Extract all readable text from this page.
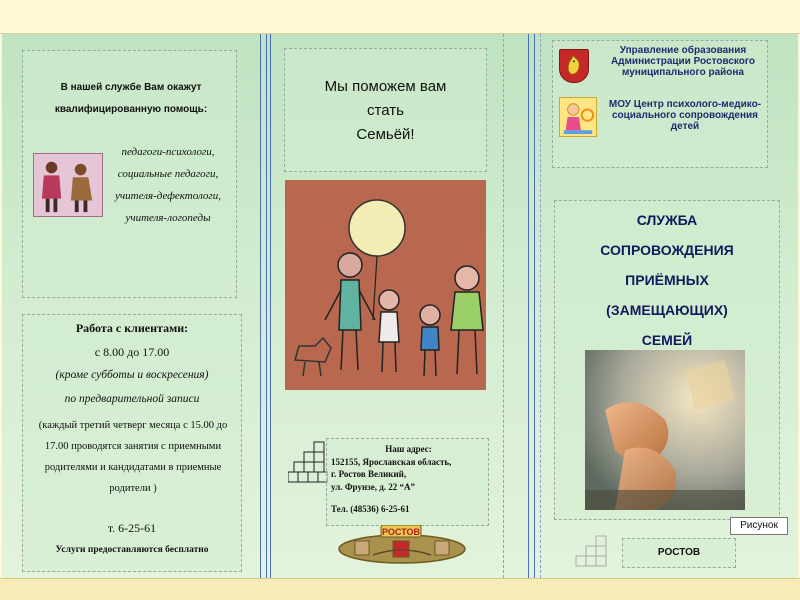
В нашей службе Вам окажут квалифицированную помощь:
педагоги-психологи,
социальные педагоги,
учителя-дефектологи,
учителя-логопеды
Работа с клиентами:
с 8.00 до 17.00
(кроме субботы и воскресения)
по предварительной записи
(каждый третий четверг месяца с 15.00 до 17.00 проводятся занятия с приемными родителями и кандидатами в приемные родители )
т. 6-25-61
Услуги предоставляются бесплатно
Мы поможем вам
стать
Семьёй!
Наш адрес:
152155, Ярославская область,
г. Ростов Великий,
ул. Фрунзе, д. 22 “А”
Тел. (48536) 6-25-61
РОСТОВ
Управление образования Администрации Ростовского муниципального района
МОУ Центр психолого-медико-социального сопровождения детей
СЛУЖБА
СОПРОВОЖДЕНИЯ
ПРИЁМНЫХ
(ЗАМЕЩАЮЩИХ)
СЕМЕЙ
Рисунок
РОСТОВ
